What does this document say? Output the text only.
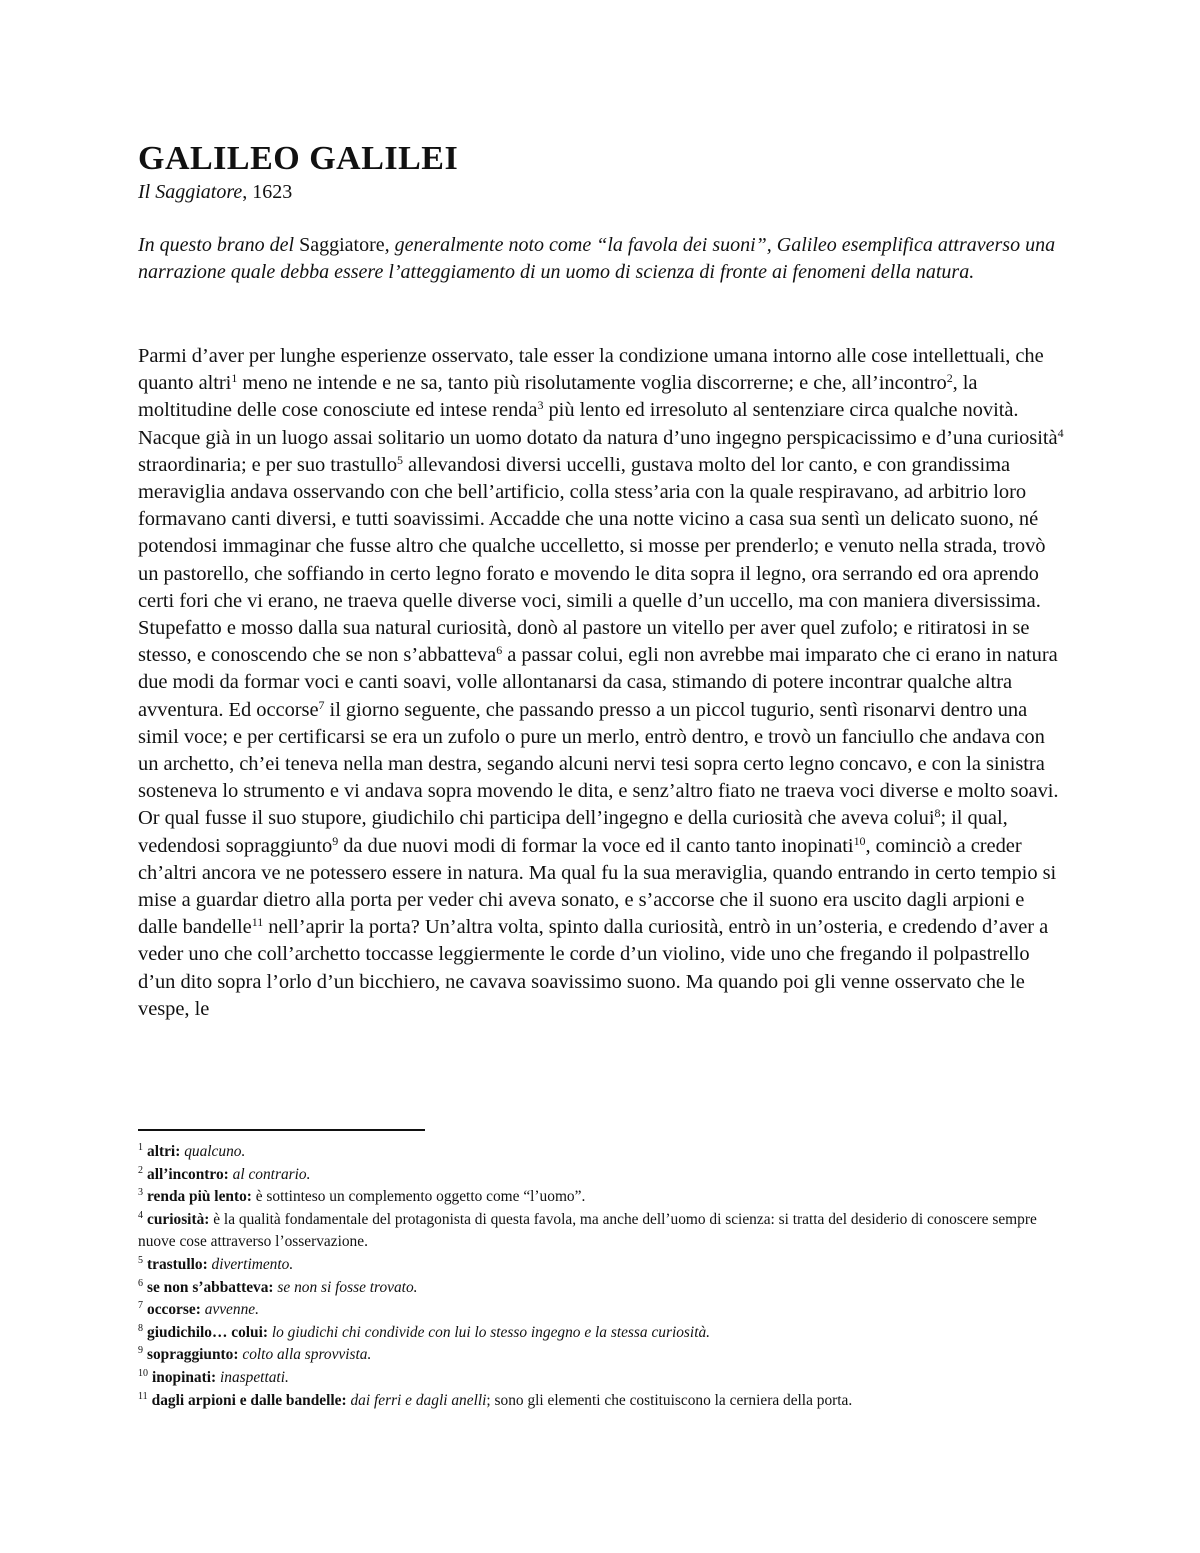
GALILEO GALILEI
Il Saggiatore, 1623

In questo brano del Saggiatore, generalmente noto come “la favola dei suoni”, Galileo esemplifica attraverso una narrazione quale debba essere l’atteggiamento di un uomo di scienza di fronte ai fenomeni della natura.

Parmi d’aver per lunghe esperienze osservato, tale esser la condizione umana intorno alle cose intellettuali, che quanto altri$^1$ meno ne intende e ne sa, tanto più risolutamente voglia discorrerne; e che, all’incontro$^2$, la moltitudine delle cose conosciute ed intese renda$^3$ più lento ed irresoluto al sentenziare circa qualche novità. Nacque già in un luogo assai solitario un uomo dotato da natura d’uno ingegno perspicacissimo e d’una curiosità$^4$ straordinaria; e per suo trastullo$^5$ allevandosi diversi uccelli, gustava molto del lor canto, e con grandissima meraviglia andava osservando con che bell’artificio, colla stess’aria con la quale respiravano, ad arbitrio loro formavano canti diversi, e tutti soavissimi. Accadde che una notte vicino a casa sua sentì un delicato suono, né potendosi immaginar che fusse altro che qualche uccelletto, si mosse per prenderlo; e venuto nella strada, trovò un pastorello, che soffiando in certo legno forato e movendo le dita sopra il legno, ora serrando ed ora aprendo certi fori che vi erano, ne traeva quelle diverse voci, simili a quelle d’un uccello, ma con maniera diversissima. Stupefatto e mosso dalla sua natural curiosità, donò al pastore un vitello per aver quel zufolo; e ritiratosi in se stesso, e conoscendo che se non s’abbatteva$^6$ a passar colui, egli non avrebbe mai imparato che ci erano in natura due modi da formar voci e canti soavi, volle allontanarsi da casa, stimando di potere incontrar qualche altra avventura. Ed occorse$^7$ il giorno seguente, che passando presso a un piccol tugurio, sentì risonarvi dentro una simil voce; e per certificarsi se era un zufolo o pure un merlo, entrò dentro, e trovò un fanciullo che andava con un archetto, ch’ei teneva nella man destra, segando alcuni nervi tesi sopra certo legno concavo, e con la sinistra sosteneva lo strumento e vi andava sopra movendo le dita, e senz’altro fiato ne traeva voci diverse e molto soavi. Or qual fusse il suo stupore, giudichilo chi participa dell’ingegno e della curiosità che aveva colui$^8$; il qual, vedendosi sopraggiunto$^9$ da due nuovi modi di formar la voce ed il canto tanto inopinati$^{10}$, cominciò a creder ch’altri ancora ve ne potessero essere in natura. Ma qual fu la sua meraviglia, quando entrando in certo tempio si mise a guardar dietro alla porta per veder chi aveva sonato, e s’accorse che il suono era uscito dagli arpioni e dalle bandelle$^{11}$ nell’aprir la porta? Un’altra volta, spinto dalla curiosità, entrò in un’osteria, e credendo d’aver a veder uno che coll’archetto toccasse leggiermente le corde d’un violino, vide uno che fregando il polpastrello d’un dito sopra l’orlo d’un bicchiero, ne cavava soavissimo suono. Ma quando poi gli venne osservato che le vespe, le

$^1$ altri: qualcuno.
$^2$ all’incontro: al contrario.
$^3$ renda più lento: è sottinteso un complemento oggetto come “l’uomo”.
$^4$ curiosità: è la qualità fondamentale del protagonista di questa favola, ma anche dell’uomo di scienza: si tratta del desiderio di conoscere sempre nuove cose attraverso l’osservazione.
$^5$ trastullo: divertimento.
$^6$ se non s’abbatteva: se non si fosse trovato.
$^7$ occorse: avvenne.
$^8$ giudichilo… colui: lo giudichi chi condivide con lui lo stesso ingegno e la stessa curiosità.
$^9$ sopraggiunto: colto alla sprovvista.
$^{10}$ inopinati: inaspettati.
$^{11}$ dagli arpioni e dalle bandelle: dai ferri e dagli anelli; sono gli elementi che costituiscono la cerniera della porta.
